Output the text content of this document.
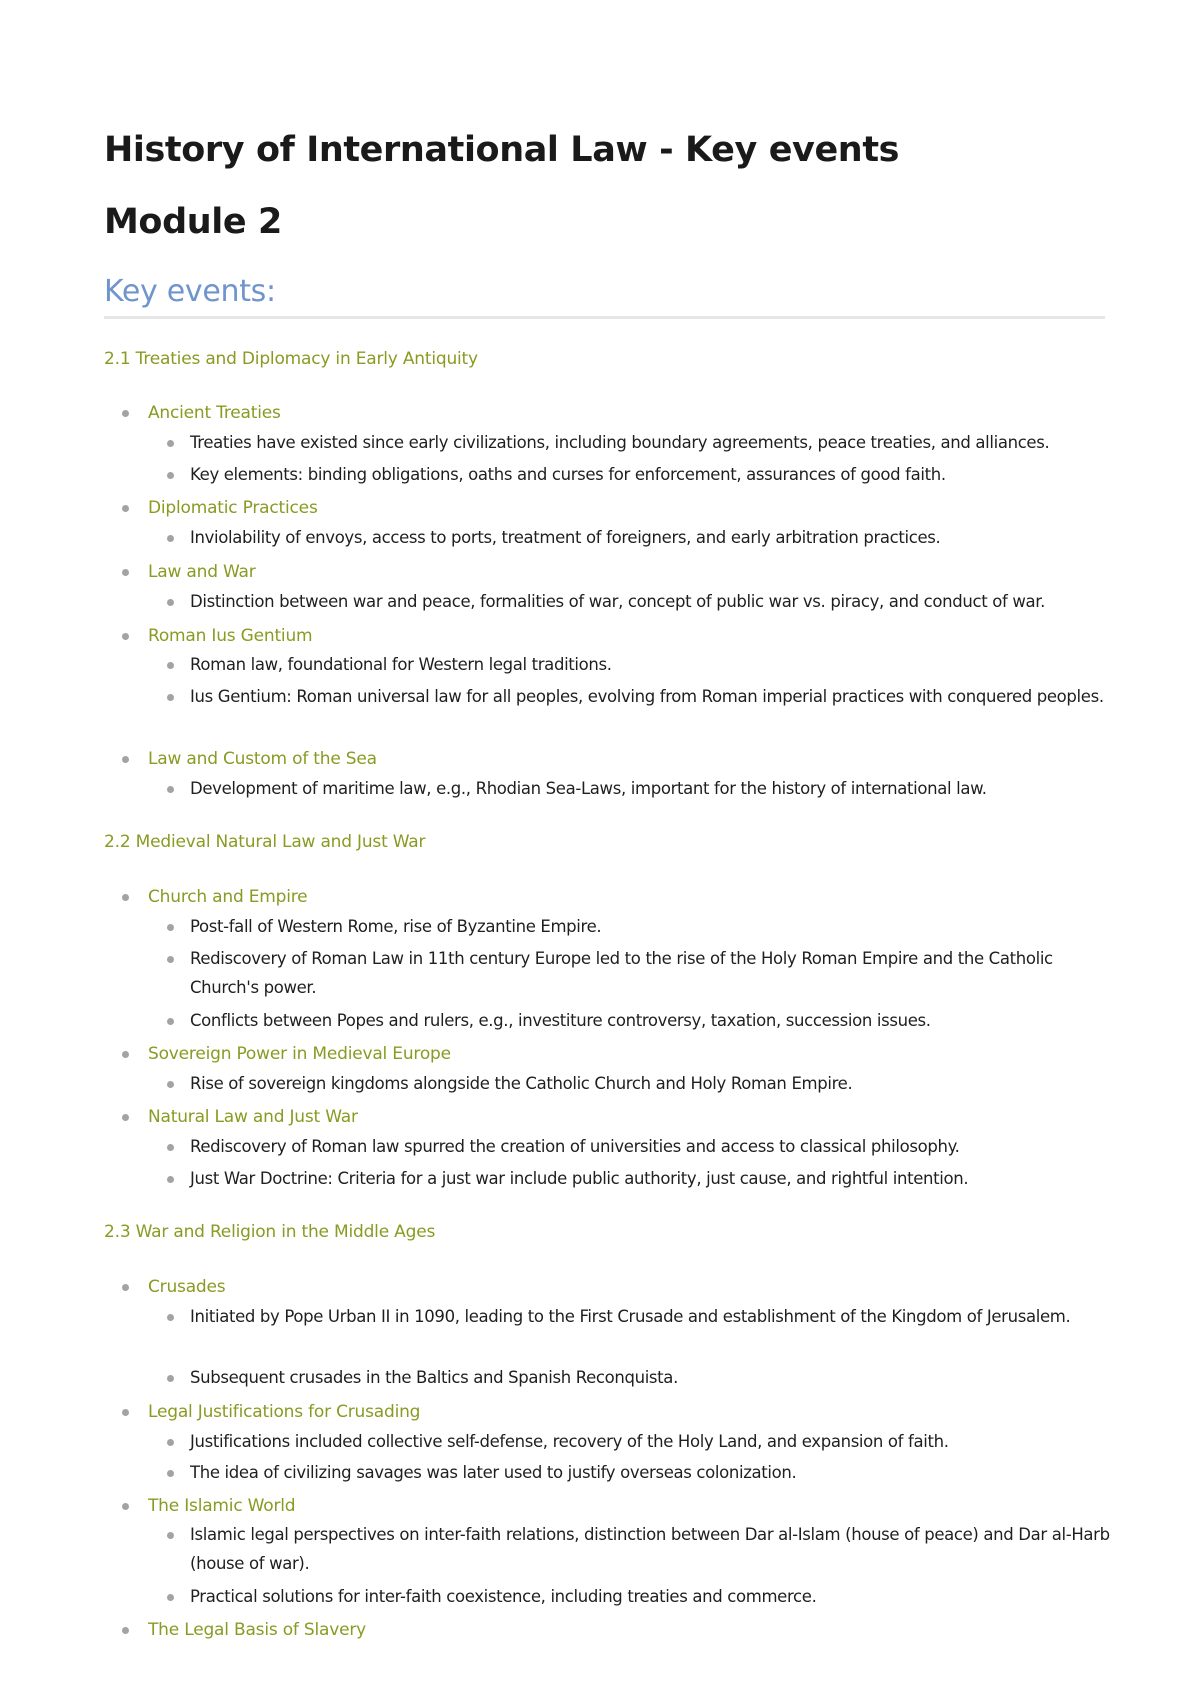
History of International Law - Key events
Module 2
Key events:
2.1 Treaties and Diplomacy in Early Antiquity
Ancient Treaties
Treaties have existed since early civilizations, including boundary agreements, peace treaties, and alliances.
Key elements: binding obligations, oaths and curses for enforcement, assurances of good faith.
Diplomatic Practices
Inviolability of envoys, access to ports, treatment of foreigners, and early arbitration practices.
Law and War
Distinction between war and peace, formalities of war, concept of public war vs. piracy, and conduct of war.
Roman Ius Gentium
Roman law, foundational for Western legal traditions.
Ius Gentium: Roman universal law for all peoples, evolving from Roman imperial practices with conquered peoples.
Law and Custom of the Sea
Development of maritime law, e.g., Rhodian Sea-Laws, important for the history of international law.
2.2 Medieval Natural Law and Just War
Church and Empire
Post-fall of Western Rome, rise of Byzantine Empire.
Rediscovery of Roman Law in 11th century Europe led to the rise of the Holy Roman Empire and the Catholic Church's power.
Conflicts between Popes and rulers, e.g., investiture controversy, taxation, succession issues.
Sovereign Power in Medieval Europe
Rise of sovereign kingdoms alongside the Catholic Church and Holy Roman Empire.
Natural Law and Just War
Rediscovery of Roman law spurred the creation of universities and access to classical philosophy.
Just War Doctrine: Criteria for a just war include public authority, just cause, and rightful intention.
2.3 War and Religion in the Middle Ages
Crusades
Initiated by Pope Urban II in 1090, leading to the First Crusade and establishment of the Kingdom of Jerusalem.
Subsequent crusades in the Baltics and Spanish Reconquista.
Legal Justifications for Crusading
Justifications included collective self-defense, recovery of the Holy Land, and expansion of faith.
The idea of civilizing savages was later used to justify overseas colonization.
The Islamic World
Islamic legal perspectives on inter-faith relations, distinction between Dar al-Islam (house of peace) and Dar al-Harb (house of war).
Practical solutions for inter-faith coexistence, including treaties and commerce.
The Legal Basis of Slavery
